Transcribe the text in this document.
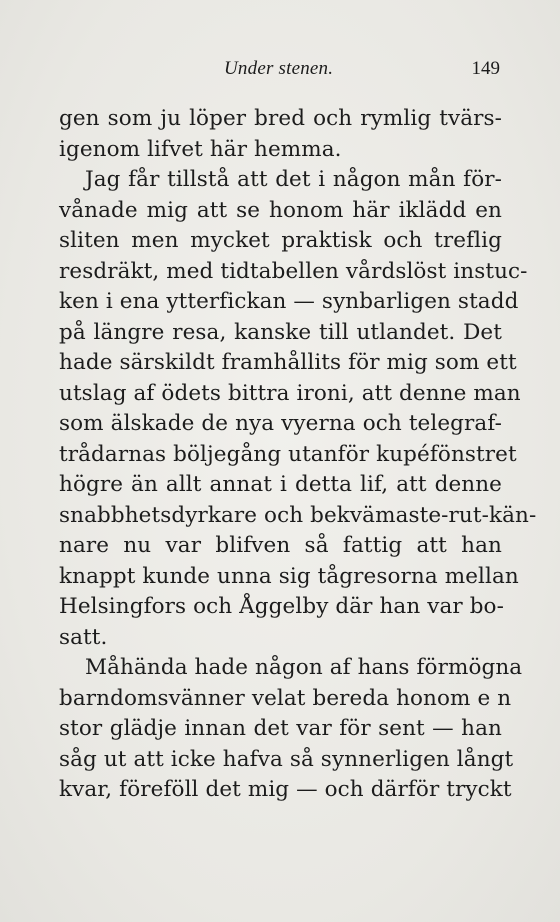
Under stenen.	149
gen som ju löper bred och rymlig tvärs-
igenom lifvet här hemma.
Jag får tillstå att det i någon mån för-
vånade mig att se honom här iklädd en
sliten men mycket praktisk och treflig
resdräkt, med tidtabellen vårdslöst instuc-
ken i ena ytterfickan — synbarligen stadd
på längre resa, kanske till utlandet. Det
hade särskildt framhållits för mig som ett
utslag af ödets bittra ironi, att denne man
som älskade de nya vyerna och telegraf-
trådarnas böljegång utanför kupéfönstret
högre än allt annat i detta lif, att denne
snabbhetsdyrkare och bekvämaste-rut-kän-
nare nu var blifven så fattig att han
knappt kunde unna sig tågresorna mellan
Helsingfors och Åggelby där han var bo-
satt.
Måhända hade någon af hans förmögna
barndomsvänner velat bereda honom e n
stor glädje innan det var för sent — han
såg ut att icke hafva så synnerligen långt
kvar, föreföll det mig — och därför tryckt
